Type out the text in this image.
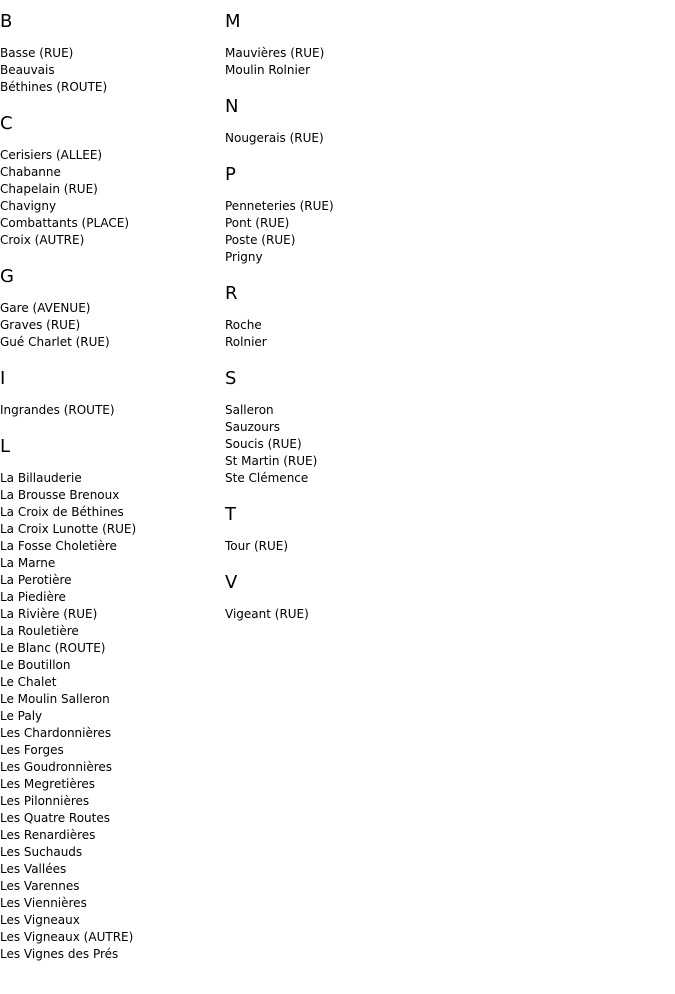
B
Basse (RUE)
Beauvais
Béthines (ROUTE)
C
Cerisiers (ALLEE)
Chabanne
Chapelain (RUE)
Chavigny
Combattants (PLACE)
Croix (AUTRE)
G
Gare (AVENUE)
Graves (RUE)
Gué Charlet (RUE)
I
Ingrandes (ROUTE)
L
La Billauderie
La Brousse Brenoux
La Croix de Béthines
La Croix Lunotte (RUE)
La Fosse Choletière
La Marne
La Perotière
La Piedière
La Rivière (RUE)
La Rouletière
Le Blanc (ROUTE)
Le Boutillon
Le Chalet
Le Moulin Salleron
Le Paly
Les Chardonnières
Les Forges
Les Goudronnières
Les Megretières
Les Pilonnières
Les Quatre Routes
Les Renardières
Les Suchauds
Les Vallées
Les Varennes
Les Viennières
Les Vigneaux
Les Vigneaux (AUTRE)
Les Vignes des Prés
M
Mauvières (RUE)
Moulin Rolnier
N
Nougerais (RUE)
P
Penneteries (RUE)
Pont (RUE)
Poste (RUE)
Prigny
R
Roche
Rolnier
S
Salleron
Sauzours
Soucis (RUE)
St Martin (RUE)
Ste Clémence
T
Tour (RUE)
V
Vigeant (RUE)
